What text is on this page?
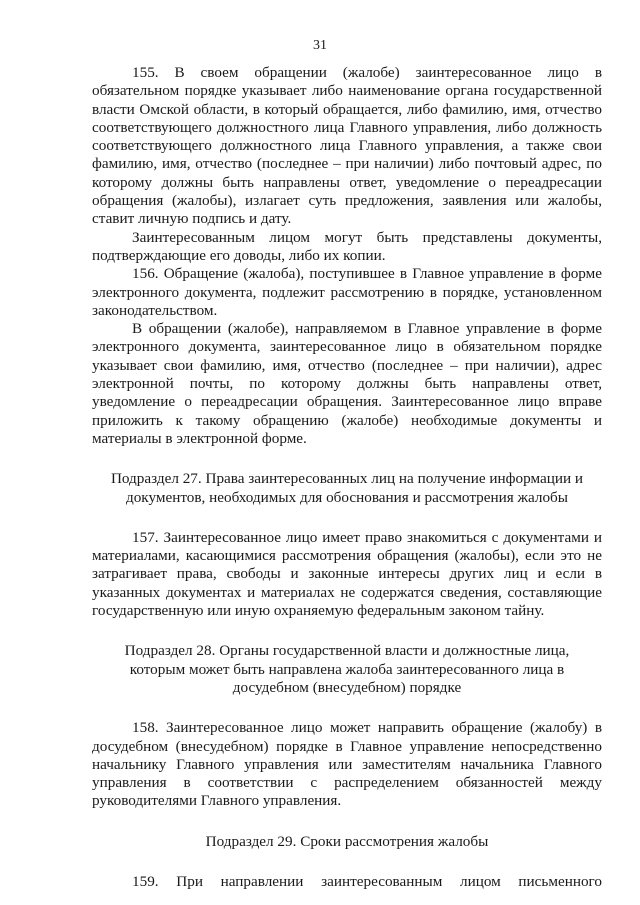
31

155. В своем обращении (жалобе) заинтересованное лицо в обязательном порядке указывает либо наименование органа государственной власти Омской области, в который обращается, либо фамилию, имя, отчество соответствующего должностного лица Главного управления, либо должность соответствующего должностного лица Главного управления, а также свои фамилию, имя, отчество (последнее – при наличии) либо почтовый адрес, по которому должны быть направлены ответ, уведомление о переадресации обращения (жалобы), излагает суть предложения, заявления или жалобы, ставит личную подпись и дату.

Заинтересованным лицом могут быть представлены документы, подтверждающие его доводы, либо их копии.

156. Обращение (жалоба), поступившее в Главное управление в форме электронного документа, подлежит рассмотрению в порядке, установленном законодательством.

В обращении (жалобе), направляемом в Главное управление в форме электронного документа, заинтересованное лицо в обязательном порядке указывает свои фамилию, имя, отчество (последнее – при наличии), адрес электронной почты, по которому должны быть направлены ответ, уведомление о переадресации обращения. Заинтересованное лицо вправе приложить к такому обращению (жалобе) необходимые документы и материалы в электронной форме.

Подраздел 27. Права заинтересованных лиц на получение информации и документов, необходимых для обоснования и рассмотрения жалобы

157. Заинтересованное лицо имеет право знакомиться с документами и материалами, касающимися рассмотрения обращения (жалобы), если это не затрагивает права, свободы и законные интересы других лиц и если в указанных документах и материалах не содержатся сведения, составляющие государственную или иную охраняемую федеральным законом тайну.

Подраздел 28. Органы государственной власти и должностные лица, которым может быть направлена жалоба заинтересованного лица в досудебном (внесудебном) порядке

158. Заинтересованное лицо может направить обращение (жалобу) в досудебном (внесудебном) порядке в Главное управление непосредственно начальнику Главного управления или заместителям начальника Главного управления в соответствии с распределением обязанностей между руководителями Главного управления.

Подраздел 29. Сроки рассмотрения жалобы

159. При направлении заинтересованным лицом письменного
